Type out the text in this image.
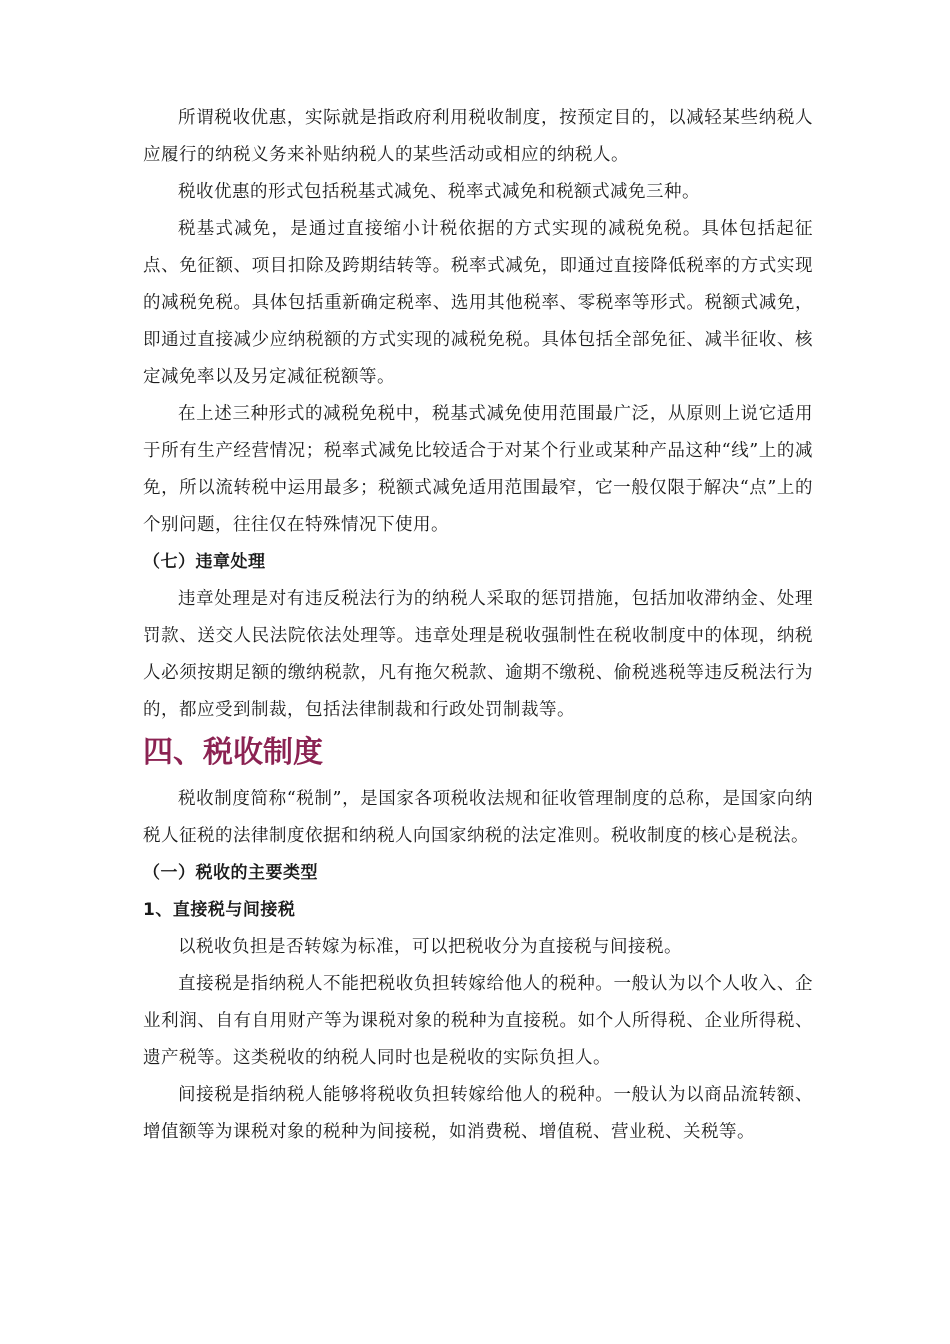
所谓税收优惠，实际就是指政府利用税收制度，按预定目的，以减轻某些纳税人应履行的纳税义务来补贴纳税人的某些活动或相应的纳税人。

税收优惠的形式包括税基式减免、税率式减免和税额式减免三种。

税基式减免，是通过直接缩小计税依据的方式实现的减税免税。具体包括起征点、免征额、项目扣除及跨期结转等。税率式减免，即通过直接降低税率的方式实现的减税免税。具体包括重新确定税率、选用其他税率、零税率等形式。税额式减免，即通过直接减少应纳税额的方式实现的减税免税。具体包括全部免征、减半征收、核定减免率以及另定减征税额等。

在上述三种形式的减税免税中，税基式减免使用范围最广泛，从原则上说它适用于所有生产经营情况；税率式减免比较适合于对某个行业或某种产品这种“线”上的减免，所以流转税中运用最多；税额式减免适用范围最窄，它一般仅限于解决“点”上的个别问题，往往仅在特殊情况下使用。

（七）违章处理

违章处理是对有违反税法行为的纳税人采取的惩罚措施，包括加收滞纳金、处理罚款、送交人民法院依法处理等。违章处理是税收强制性在税收制度中的体现，纳税人必须按期足额的缴纳税款，凡有拖欠税款、逾期不缴税、偷税逃税等违反税法行为的，都应受到制裁，包括法律制裁和行政处罚制裁等。

四、税收制度

税收制度简称“税制”，是国家各项税收法规和征收管理制度的总称，是国家向纳税人征税的法律制度依据和纳税人向国家纳税的法定准则。税收制度的核心是税法。

（一）税收的主要类型
1、直接税与间接税

以税收负担是否转嫁为标准，可以把税收分为直接税与间接税。

直接税是指纳税人不能把税收负担转嫁给他人的税种。一般认为以个人收入、企业利润、自有自用财产等为课税对象的税种为直接税。如个人所得税、企业所得税、遗产税等。这类税收的纳税人同时也是税收的实际负担人。

间接税是指纳税人能够将税收负担转嫁给他人的税种。一般认为以商品流转额、增值额等为课税对象的税种为间接税，如消费税、增值税、营业税、关税等。
